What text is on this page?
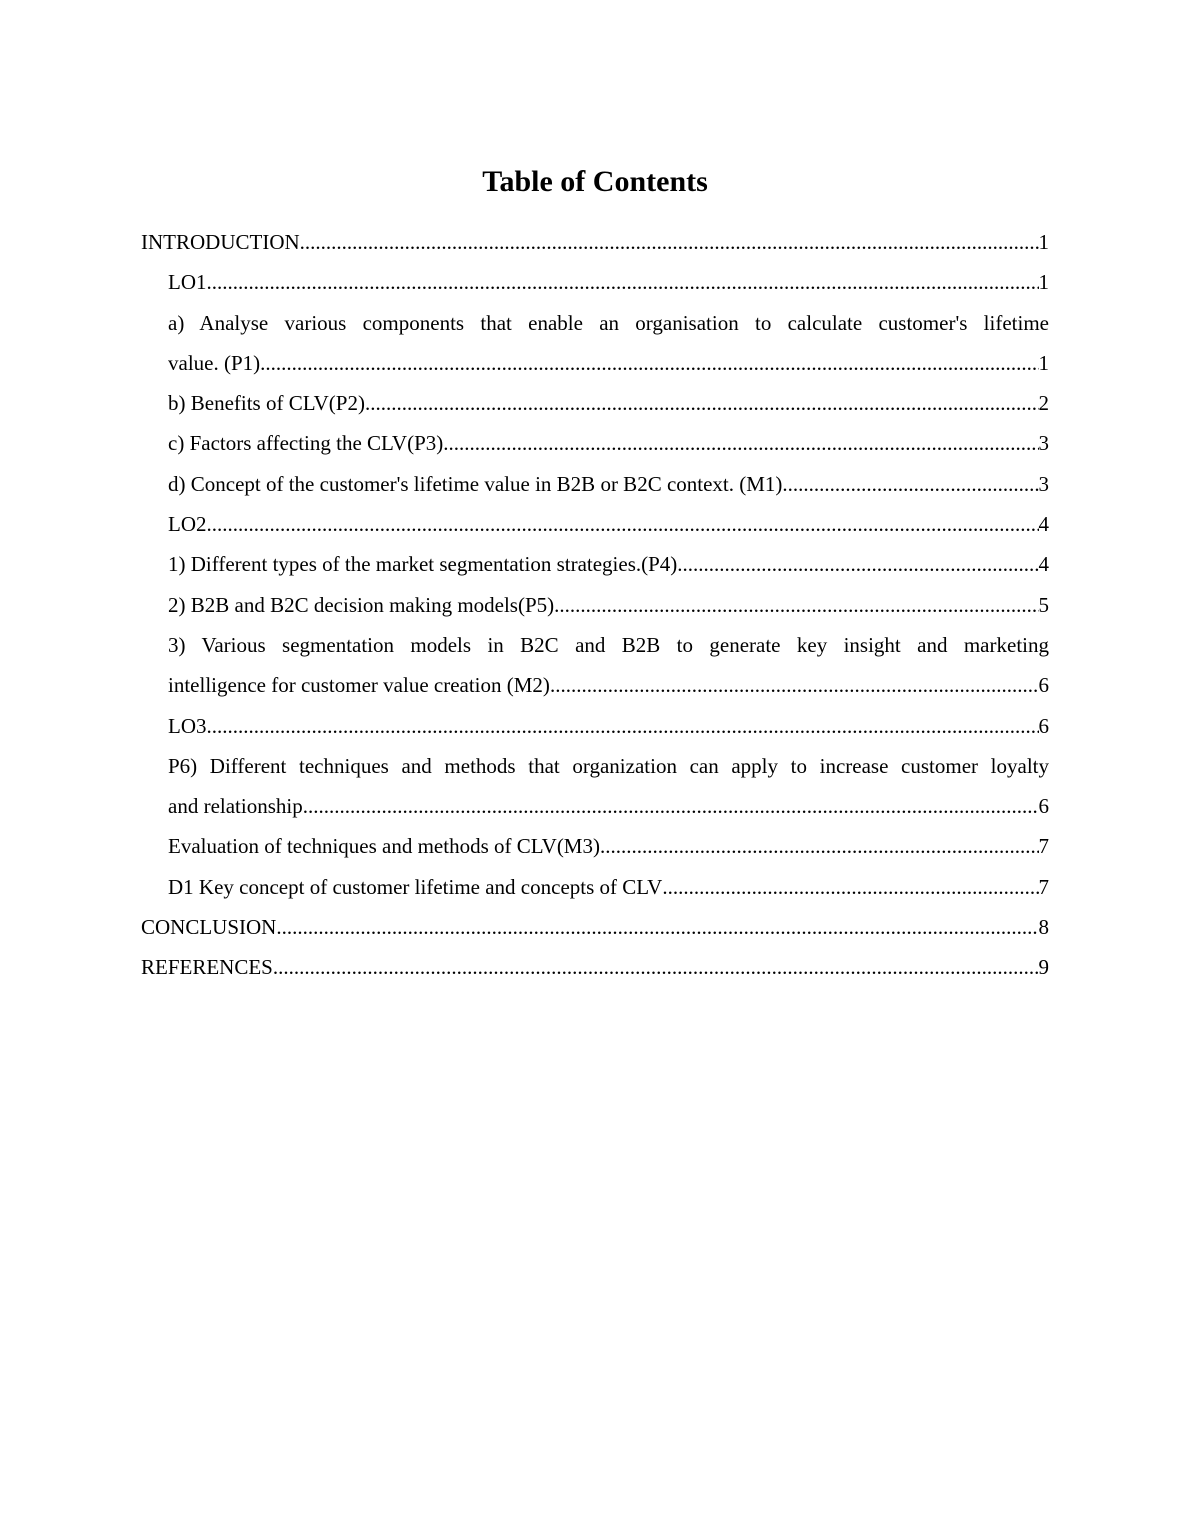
Table of Contents
INTRODUCTION .....	1
LO1 .....	1
a) Analyse various components that enable an organisation to calculate customer's lifetime
value. (P1) .....	1
b) Benefits of CLV(P2) .....	2
c) Factors affecting the CLV(P3) .....	3
d) Concept of the customer's lifetime value in B2B or B2C context. (M1) .....	3
LO2 .....	4
1) Different types of the market segmentation strategies.(P4) .....	4
2) B2B and B2C decision making models(P5) .....	5
3) Various segmentation models in B2C and B2B to generate key insight and marketing
intelligence for customer value creation (M2) .....	6
LO3 .....	6
P6) Different techniques and methods that organization can apply to increase customer loyalty
and relationship .....	6
Evaluation of techniques and methods of CLV(M3) .....	7
D1 Key concept of customer lifetime and concepts of CLV .....	7
CONCLUSION .....	8
REFERENCES .....	9
